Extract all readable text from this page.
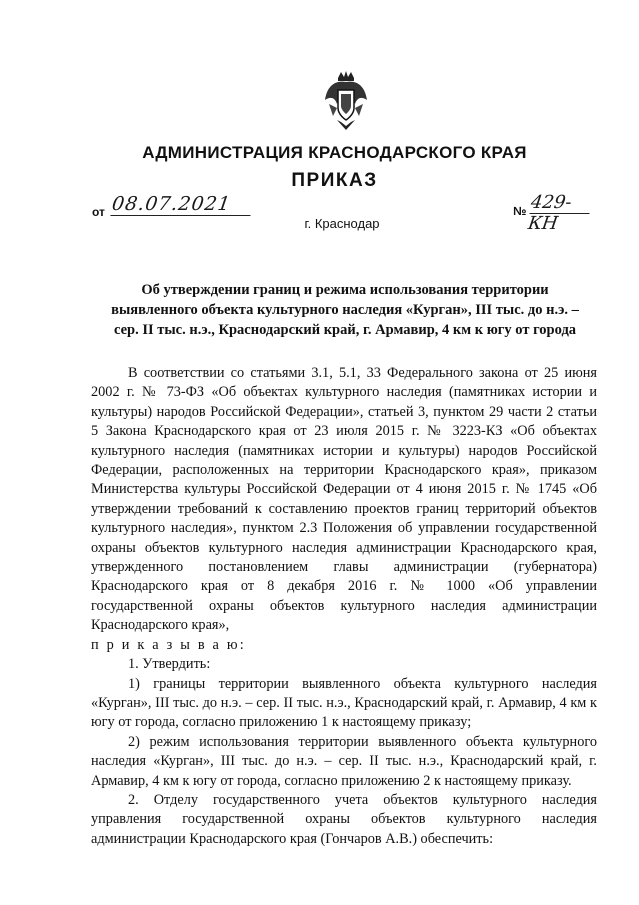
АДМИНИСТРАЦИЯ КРАСНОДАРСКОГО КРАЯ
ПРИКАЗ
от 08.07.2021
г. Краснодар
№ 429-КН
Об утверждении границ и режима использования территории выявленного объекта культурного наследия «Курган», III тыс. до н.э. – сер. II тыс. н.э., Краснодарский край, г. Армавир, 4 км к югу от города

В соответствии со статьями 3.1, 5.1, 33 Федерального закона от 25 июня 2002 г. № 73-ФЗ «Об объектах культурного наследия (памятниках истории и культуры) народов Российской Федерации», статьей 3, пунктом 29 части 2 статьи 5 Закона Краснодарского края от 23 июля 2015 г. № 3223-КЗ «Об объектах культурного наследия (памятниках истории и культуры) народов Российской Федерации, расположенных на территории Краснодарского края», приказом Министерства культуры Российской Федерации от 4 июня 2015 г. № 1745 «Об утверждении требований к составлению проектов границ территорий объектов культурного наследия», пунктом 2.3 Положения об управлении государственной охраны объектов культурного наследия администрации Краснодарского края, утвержденного постановлением главы администрации (губернатора) Краснодарского края от 8 декабря 2016 г. № 1000 «Об управлении государственной охраны объектов культурного наследия администрации Краснодарского края»,

п р и к а з ы в а ю:

1. Утвердить:

1) границы территории выявленного объекта культурного наследия «Курган», III тыс. до н.э. – сер. II тыс. н.э., Краснодарский край, г. Армавир, 4 км к югу от города, согласно приложению 1 к настоящему приказу;

2) режим использования территории выявленного объекта культурного наследия «Курган», III тыс. до н.э. – сер. II тыс. н.э., Краснодарский край, г. Армавир, 4 км к югу от города, согласно приложению 2 к настоящему приказу.

2. Отделу государственного учета объектов культурного наследия управления государственной охраны объектов культурного наследия администрации Краснодарского края (Гончаров А.В.) обеспечить:
